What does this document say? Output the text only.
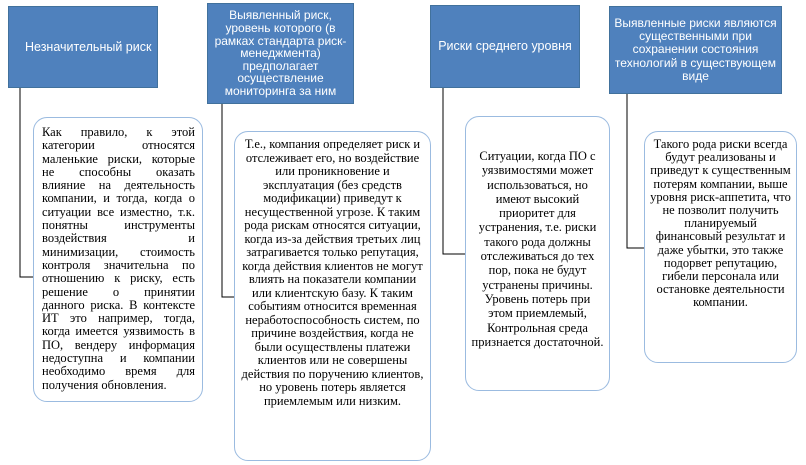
Незначительный риск
Как правило, к этой категории относятся маленькие риски, которые не способны оказать влияние на деятельность компании, и тогда, когда о ситуации все изместно, т.к. понятны инструменты воздействия и минимизации, стоимость контроля значительна по отношению к риску, есть решение о принятии данного риска. В контексте ИТ это например, тогда, когда имеется уязвимость в ПО, вендеру информация недоступна и компании необходимо время для получения обновления.
Выявленный риск, уровень которого (в рамках стандарта риск-менеджмента) предполагает осуществление мониторинга за ним
Т.е., компания определяет риск и отслеживает его, но воздействие или проникновение и эксплуатация (без средств модификации) приведут к несущественной угрозе. К таким рода рискам относятся ситуации, когда из-за действия третьих лиц затрагивается только репутация, когда действия клиентов не могут влиять на показатели компании или клиентскую базу. К таким событиям относится временная неработоспособность систем, по причине воздействия, когда не были осуществлены платежи клиентов или не совершены действия по поручению клиентов, но уровень потерь является приемлемым или низким.
Риски среднего уровня
Ситуации, когда ПО с уязвимостями может использоваться, но имеют высокий приоритет для устранения, т.е. риски такого рода должны отслеживаться до тех пор, пока не будут устранены причины. Уровень потерь при этом приемлемый, Контрольная среда признается достаточной.
Выявленные риски являются существенными при сохранении состояния технологий в существующем виде
Такого рода риски всегда будут реализованы и приведут к существенным потерям компании, выше уровня риск-аппетита, что не позволит получить планируемый финансовый результат и даже убытки, это также подорвет репутацию, гибели персонала или остановке деятельности компании.
